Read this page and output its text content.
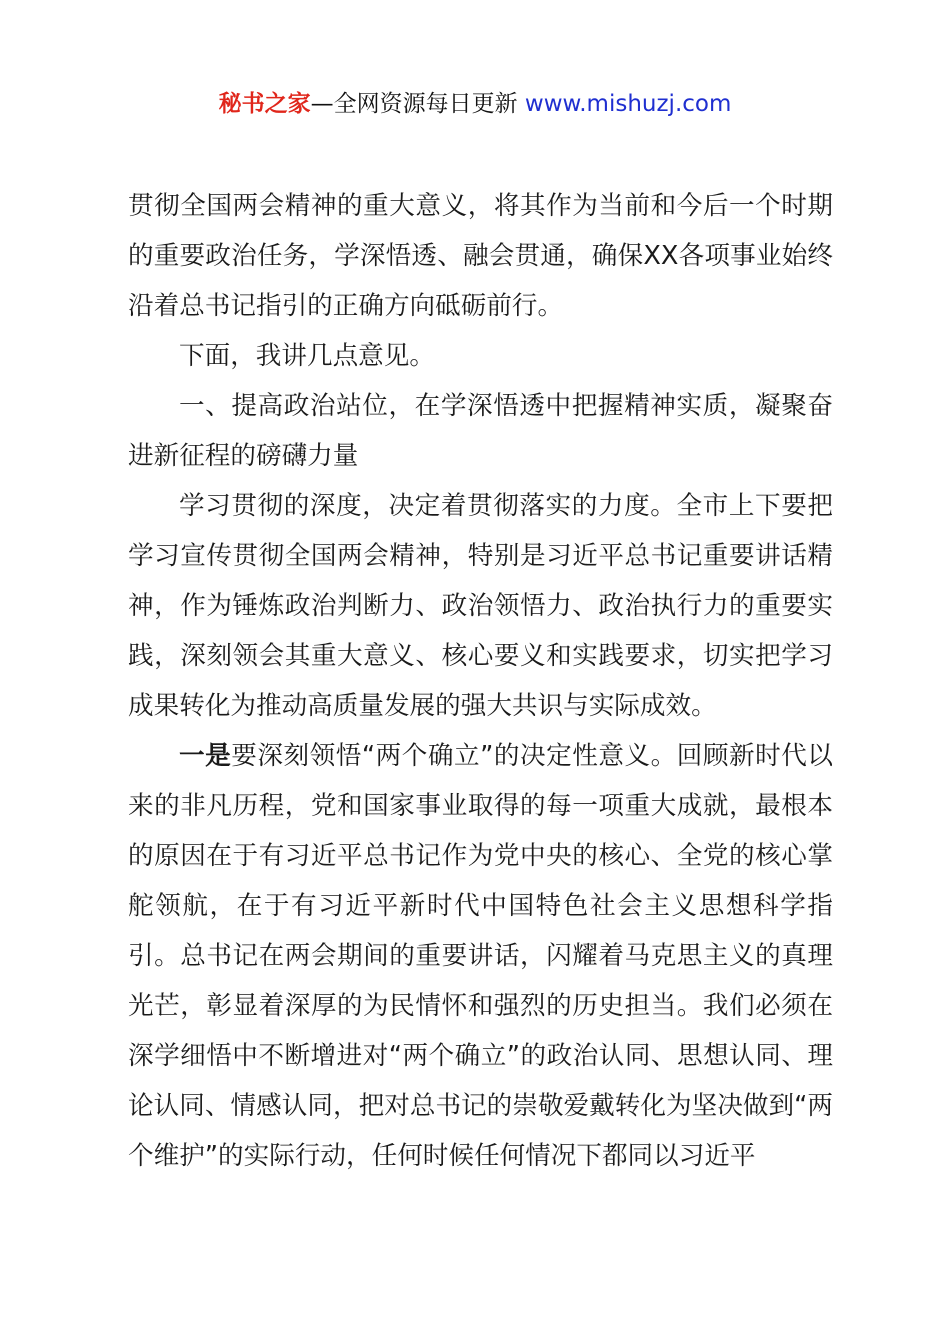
秘书之家—全网资源每日更新 www.mishuzj.com

贯彻全国两会精神的重大意义，将其作为当前和今后一个时期的重要政治任务，学深悟透、融会贯通，确保XX各项事业始终沿着总书记指引的正确方向砥砺前行。

下面，我讲几点意见。

一、提高政治站位，在学深悟透中把握精神实质，凝聚奋进新征程的磅礴力量

学习贯彻的深度，决定着贯彻落实的力度。全市上下要把学习宣传贯彻全国两会精神，特别是习近平总书记重要讲话精神，作为锤炼政治判断力、政治领悟力、政治执行力的重要实践，深刻领会其重大意义、核心要义和实践要求，切实把学习成果转化为推动高质量发展的强大共识与实际成效。

一是要深刻领悟“两个确立”的决定性意义。回顾新时代以来的非凡历程，党和国家事业取得的每一项重大成就，最根本的原因在于有习近平总书记作为党中央的核心、全党的核心掌舵领航，在于有习近平新时代中国特色社会主义思想科学指引。总书记在两会期间的重要讲话，闪耀着马克思主义的真理光芒，彰显着深厚的为民情怀和强烈的历史担当。我们必须在深学细悟中不断增进对“两个确立”的政治认同、思想认同、理论认同、情感认同，把对总书记的崇敬爱戴转化为坚决做到“两个维护”的实际行动，任何时候任何情况下都同以习近平
